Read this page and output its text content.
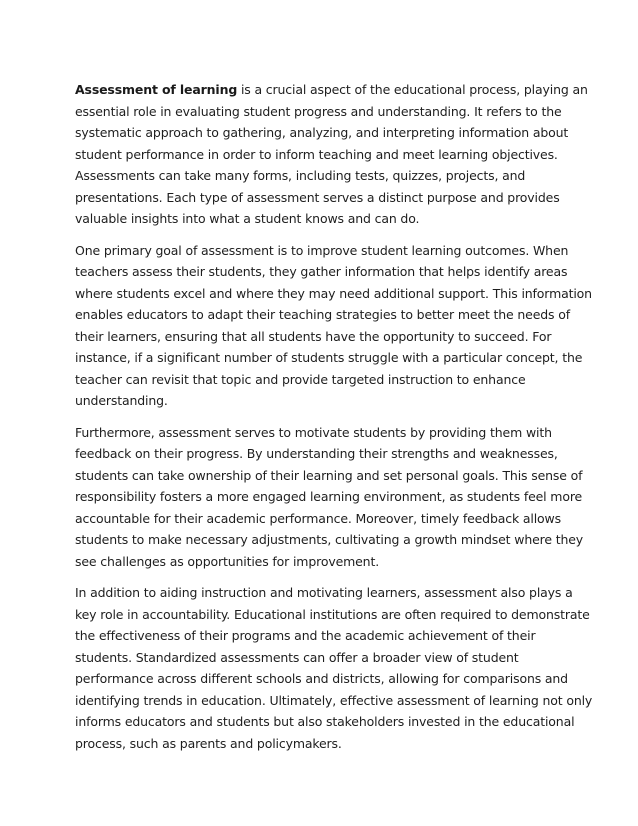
Assessment of learning is a crucial aspect of the educational process, playing an essential role in evaluating student progress and understanding. It refers to the systematic approach to gathering, analyzing, and interpreting information about student performance in order to inform teaching and meet learning objectives. Assessments can take many forms, including tests, quizzes, projects, and presentations. Each type of assessment serves a distinct purpose and provides valuable insights into what a student knows and can do.

One primary goal of assessment is to improve student learning outcomes. When teachers assess their students, they gather information that helps identify areas where students excel and where they may need additional support. This information enables educators to adapt their teaching strategies to better meet the needs of their learners, ensuring that all students have the opportunity to succeed. For instance, if a significant number of students struggle with a particular concept, the teacher can revisit that topic and provide targeted instruction to enhance understanding.

Furthermore, assessment serves to motivate students by providing them with feedback on their progress. By understanding their strengths and weaknesses, students can take ownership of their learning and set personal goals. This sense of responsibility fosters a more engaged learning environment, as students feel more accountable for their academic performance. Moreover, timely feedback allows students to make necessary adjustments, cultivating a growth mindset where they see challenges as opportunities for improvement.

In addition to aiding instruction and motivating learners, assessment also plays a key role in accountability. Educational institutions are often required to demonstrate the effectiveness of their programs and the academic achievement of their students. Standardized assessments can offer a broader view of student performance across different schools and districts, allowing for comparisons and identifying trends in education. Ultimately, effective assessment of learning not only informs educators and students but also stakeholders invested in the educational process, such as parents and policymakers.
